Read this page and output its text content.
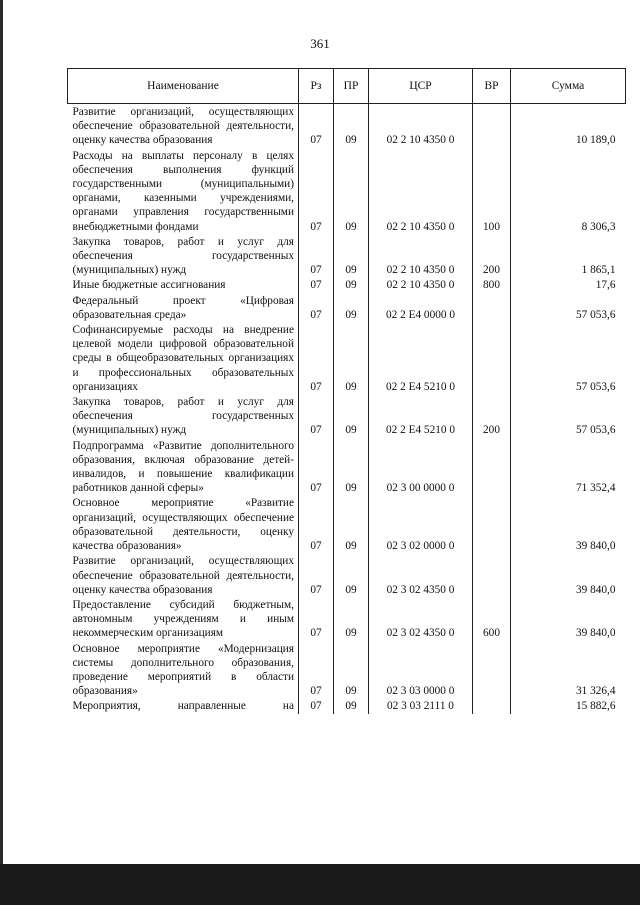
361
Наименование	Рз	ПР	ЦСР	ВР	Сумма
Развитие организаций, осуществляющих обеспечение образовательной деятельности, оценку качества образования	07	09	02 2 10 4350 0		10 189,0
Расходы на выплаты персоналу в целях обеспечения выполнения функций государственными (муниципальными) органами, казенными учреждениями, органами управления государственными внебюджетными фондами	07	09	02 2 10 4350 0	100	8 306,3
Закупка товаров, работ и услуг для обеспечения государственных (муниципальных) нужд	07	09	02 2 10 4350 0	200	1 865,1
Иные бюджетные ассигнования	07	09	02 2 10 4350 0	800	17,6
Федеральный проект «Цифровая образовательная среда»	07	09	02 2 E4 0000 0		57 053,6
Софинансируемые расходы на внедрение целевой модели цифровой образовательной среды в общеобразовательных организациях и профессиональных образовательных организациях	07	09	02 2 E4 5210 0		57 053,6
Закупка товаров, работ и услуг для обеспечения государственных (муниципальных) нужд	07	09	02 2 E4 5210 0	200	57 053,6
Подпрограмма «Развитие дополнительного образования, включая образование детей-инвалидов, и повышение квалификации работников данной сферы»	07	09	02 3 00 0000 0		71 352,4
Основное мероприятие «Развитие организаций, осуществляющих обеспечение образовательной деятельности, оценку качества образования»	07	09	02 3 02 0000 0		39 840,0
Развитие организаций, осуществляющих обеспечение образовательной деятельности, оценку качества образования	07	09	02 3 02 4350 0		39 840,0
Предоставление субсидий бюджетным, автономным учреждениям и иным некоммерческим организациям	07	09	02 3 02 4350 0	600	39 840,0
Основное мероприятие «Модернизация системы дополнительного образования, проведение мероприятий в области образования»	07	09	02 3 03 0000 0		31 326,4
Мероприятия, направленные на	07	09	02 3 03 2111 0		15 882,6
